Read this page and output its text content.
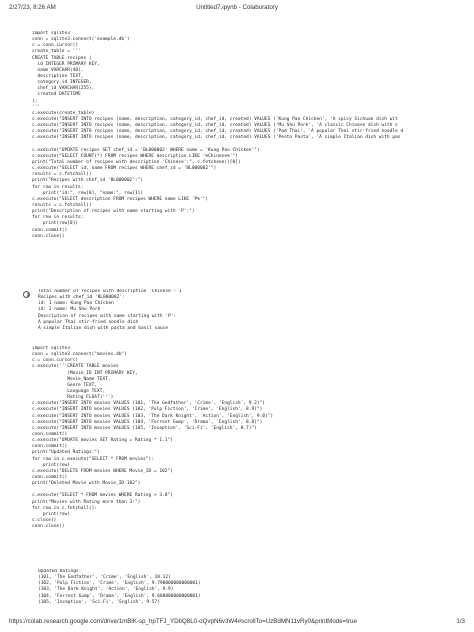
2/27/23, 8:26 AM	Untitled7.ipynb - Colaboratory
import sqlite3
conn = sqlite3.connect('example.db')
c = conn.cursor()
create_table = '''
CREATE TABLE recipes (
id INTEGER PRIMARY KEY,
name VARCHAR(40),
description TEXT,
category_id INTEGER,
chef_id VARCHAR(255),
created DATETIME
);
'''
c.execute(create_table)
c.execute("INSERT INTO recipes (name, description, category_id, chef_id, created) VALUES ('Kung Pao Chicken', 'A spicy Sichuan dish wit
c.execute("INSERT INTO recipes (name, description, category_id, chef_id, created) VALUES ('Mu Shu Pork', 'A classic Chinese dish with s
c.execute("INSERT INTO recipes (name, description, category_id, chef_id, created) VALUES ('Pad Thai', 'A popular Thai stir-fried noodle d
c.execute("INSERT INTO recipes (name, description, category_id, chef_id, created) VALUES ('Pesto Pasta', 'A simple Italian dish with pas
c.execute("UPDATE recipes SET chef_id = 'BL000002' WHERE name = 'Kung Pao Chicken'")
c.execute("SELECT COUNT(*) FROM recipes WHERE description LIKE '%Chinese%'")
print("Total number of recipes with description 'Chinese':", c.fetchone()[0])
c.execute("SELECT id, name FROM recipes WHERE chef_id = 'BL000002'")
results = c.fetchall()
print("Recipes with chef_id 'BL000002':")
for row in results:
print("id:", row[0], "name:", row[1])
c.execute("SELECT description FROM recipes WHERE name LIKE 'P%'")
results = c.fetchall()
print("Description of recipes with name starting with 'P':")
for row in results:
print(row[0])
conn.commit()
conn.close()
Total number of recipes with description 'Chinese': 1
Recipes with chef_id 'BL000002':
id: 1 name: Kung Pao Chicken
id: 2 name: Mu Shu Pork
Description of recipes with name starting with 'P':
A popular Thai stir-fried noodle dish
A simple Italian dish with pasta and basil sauce
import sqlite3
conn = sqlite3.connect("movies.db")
c = conn.cursor()
c.execute('''CREATE TABLE movies
(Movie_ID INT PRIMARY KEY,
Movie_Name TEXT,
Genre TEXT,
Language TEXT,
Rating FLOAT)''')
c.execute("INSERT INTO movies VALUES (101, 'The Godfather', 'Crime', 'English', 9.2)")
c.execute("INSERT INTO movies VALUES (102, 'Pulp Fiction', 'Crime', 'English', 8.9)")
c.execute("INSERT INTO movies VALUES (103, 'The Dark Knight', 'Action', 'English', 9.0)")
c.execute("INSERT INTO movies VALUES (104, 'Forrest Gump', 'Drama', 'English', 8.8)")
c.execute("INSERT INTO movies VALUES (105, 'Inception', 'Sci-Fi', 'English', 8.7)")
conn.commit()
c.execute("UPDATE movies SET Rating = Rating * 1.1")
conn.commit()
print("Updated Ratings:")
for row in c.execute("SELECT * FROM movies"):
print(row)
c.execute("DELETE FROM movies WHERE Movie_ID = 102")
conn.commit()
print("Deleted Movie with Movie_ID 102")
c.execute("SELECT * FROM movies WHERE Rating > 3.0")
print("Movies with Rating more than 3:")
for row in c.fetchall():
print(row)
c.close()
conn.close()
Updated Ratings:
(101, 'The Godfather', 'Crime', 'English', 10.12)
(102, 'Pulp Fiction', 'Crime', 'English', 9.790000000000001)
(103, 'The Dark Knight', 'Action', 'English', 9.9)
(104, 'Forrest Gump', 'Drama', 'English', 9.680000000000001)
(105, 'Inception', 'Sci-Fi', 'English', 9.57)
https://colab.research.google.com/drive/1mBlK-sp_hpTFJ_YDbQ8L0-oQvpN6v3W4#scrollTo=UzBdMN11vRy0&printMode=true	1/3
